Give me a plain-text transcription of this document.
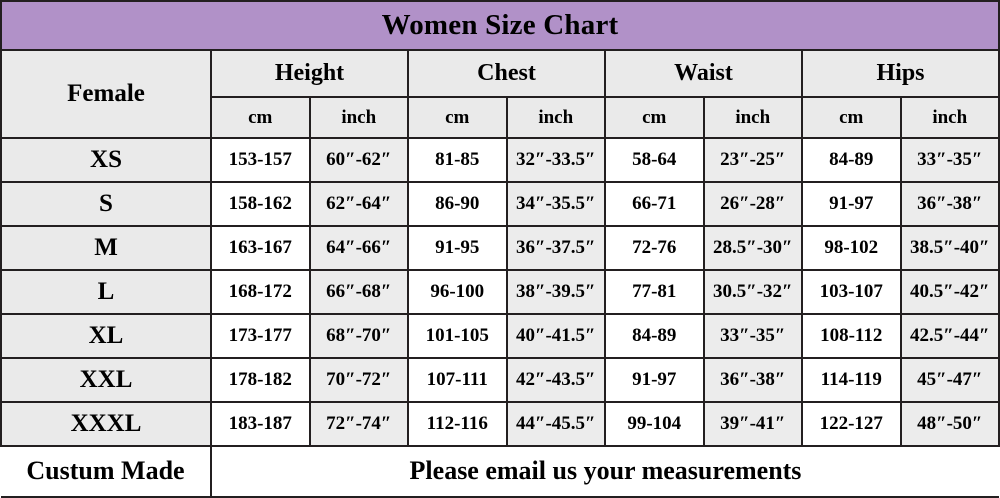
Women Size Chart								
Female	Height		Chest		Waist		Hips	
	cm	inch	cm	inch	cm	inch	cm	inch
XS	153-157	60″-62″	81-85	32″-33.5″	58-64	23″-25″	84-89	33″-35″
S	158-162	62″-64″	86-90	34″-35.5″	66-71	26″-28″	91-97	36″-38″
M	163-167	64″-66″	91-95	36″-37.5″	72-76	28.5″-30″	98-102	38.5″-40″
L	168-172	66″-68″	96-100	38″-39.5″	77-81	30.5″-32″	103-107	40.5″-42″
XL	173-177	68″-70″	101-105	40″-41.5″	84-89	33″-35″	108-112	42.5″-44″
XXL	178-182	70″-72″	107-111	42″-43.5″	91-97	36″-38″	114-119	45″-47″
XXXL	183-187	72″-74″	112-116	44″-45.5″	99-104	39″-41″	122-127	48″-50″
Custum Made	Please email us your measurements							
